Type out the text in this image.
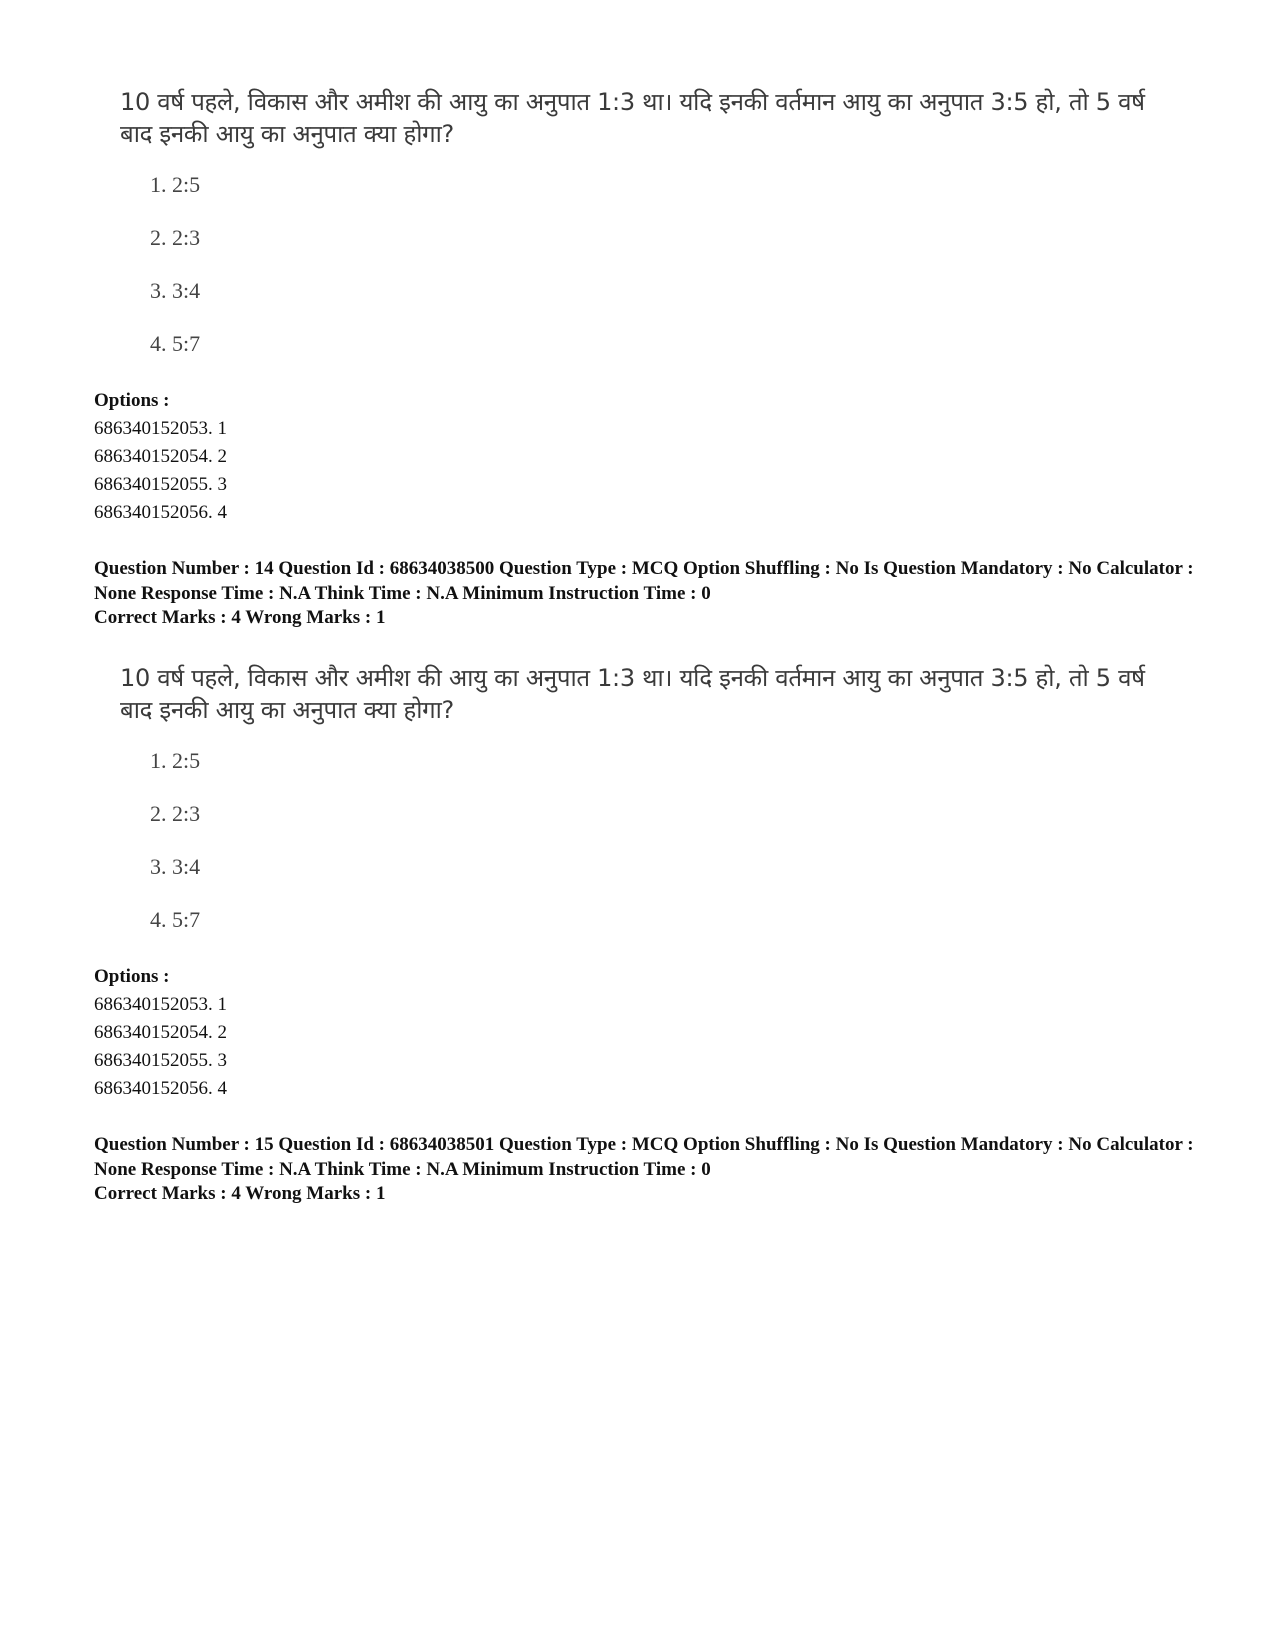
10 वर्ष पहले, विकास और अमीश की आयु का अनुपात 1:3 था। यदि इनकी वर्तमान आयु का अनुपात 3:5 हो, तो 5 वर्ष बाद इनकी आयु का अनुपात क्या होगा?
1. 2:5
2. 2:3
3. 3:4
4. 5:7
Options :
686340152053. 1
686340152054. 2
686340152055. 3
686340152056. 4
Question Number : 14 Question Id : 68634038500 Question Type : MCQ Option Shuffling : No Is Question Mandatory : No Calculator : None Response Time : N.A Think Time : N.A Minimum Instruction Time : 0
Correct Marks : 4 Wrong Marks : 1
10 वर्ष पहले, विकास और अमीश की आयु का अनुपात 1:3 था। यदि इनकी वर्तमान आयु का अनुपात 3:5 हो, तो 5 वर्ष बाद इनकी आयु का अनुपात क्या होगा?
1. 2:5
2. 2:3
3. 3:4
4. 5:7
Options :
686340152053. 1
686340152054. 2
686340152055. 3
686340152056. 4
Question Number : 15 Question Id : 68634038501 Question Type : MCQ Option Shuffling : No Is Question Mandatory : No Calculator : None Response Time : N.A Think Time : N.A Minimum Instruction Time : 0
Correct Marks : 4 Wrong Marks : 1
